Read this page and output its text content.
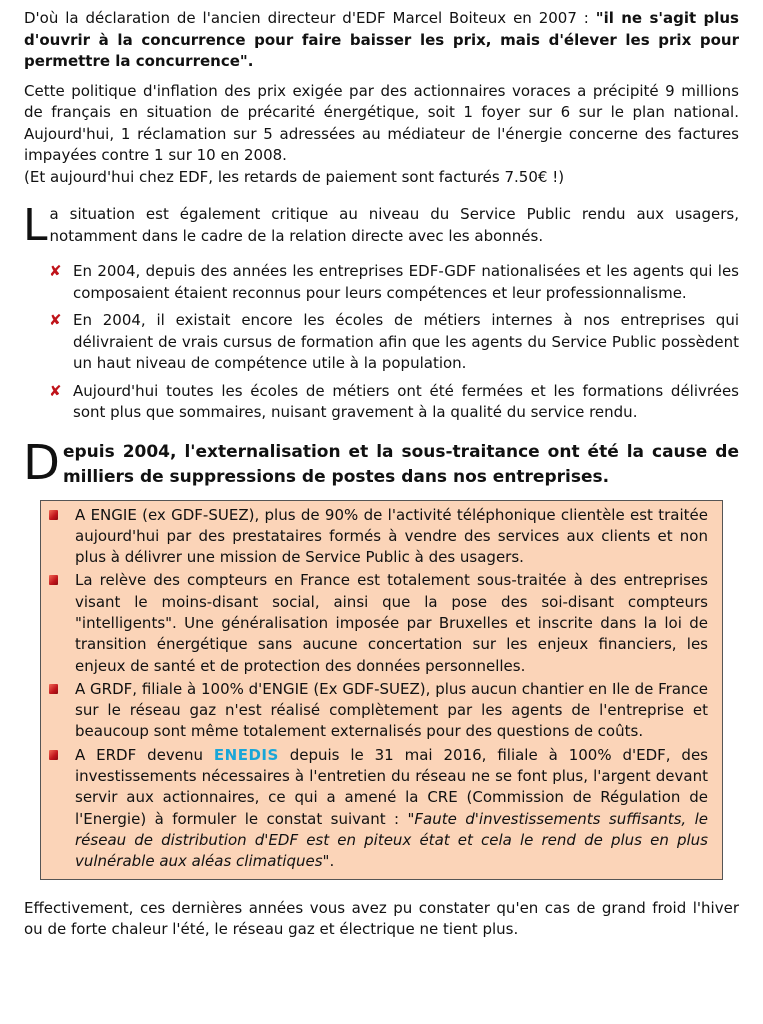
D'où la déclaration de l'ancien directeur d'EDF Marcel Boiteux en 2007 : "il ne s'agit plus d'ouvrir à la concurrence pour faire baisser les prix, mais d'élever les prix pour permettre la concurrence".

Cette politique d'inflation des prix exigée par des actionnaires voraces a précipité 9 millions de français en situation de précarité énergétique, soit 1 foyer sur 6 sur le plan national. Aujourd'hui, 1 réclamation sur 5 adressées au médiateur de l'énergie concerne des factures impayées contre 1 sur 10 en 2008.
(Et aujourd'hui chez EDF, les retards de paiement sont facturés 7.50€ !)

L a situation est également critique au niveau du Service Public rendu aux usagers, notamment dans le cadre de la relation directe avec les abonnés.
✘ En 2004, depuis des années les entreprises EDF-GDF nationalisées et les agents qui les composaient étaient reconnus pour leurs compétences et leur professionnalisme.
✘ En 2004, il existait encore les écoles de métiers internes à nos entreprises qui délivraient de vrais cursus de formation afin que les agents du Service Public possèdent un haut niveau de compétence utile à la population.
✘ Aujourd'hui toutes les écoles de métiers ont été fermées et les formations délivrées sont plus que sommaires, nuisant gravement à la qualité du service rendu.
D epuis 2004, l'externalisation et la sous-traitance ont été la cause de milliers de suppressions de postes dans nos entreprises.
A ENGIE (ex GDF-SUEZ), plus de 90% de l'activité téléphonique clientèle est traitée aujourd'hui par des prestataires formés à vendre des services aux clients et non plus à délivrer une mission de Service Public à des usagers.
La relève des compteurs en France est totalement sous-traitée à des entreprises visant le moins-disant social, ainsi que la pose des soi-disant compteurs "intelligents". Une généralisation imposée par Bruxelles et inscrite dans la loi de transition énergétique sans aucune concertation sur les enjeux financiers, les enjeux de santé et de protection des données personnelles.
A GRDF, filiale à 100% d'ENGIE (Ex GDF-SUEZ), plus aucun chantier en Ile de France sur le réseau gaz n'est réalisé complètement par les agents de l'entreprise et beaucoup sont même totalement externalisés pour des questions de coûts.
A ERDF devenu ENEDIS depuis le 31 mai 2016, filiale à 100% d'EDF, des investissements nécessaires à l'entretien du réseau ne se font plus, l'argent devant servir aux actionnaires, ce qui a amené la CRE (Commission de Régulation de l'Energie) à formuler le constat suivant : "Faute d'investissements suffisants, le réseau de distribution d'EDF est en piteux état et cela le rend de plus en plus vulnérable aux aléas climatiques".

Effectivement, ces dernières années vous avez pu constater qu'en cas de grand froid l'hiver ou de forte chaleur l'été, le réseau gaz et électrique ne tient plus.
